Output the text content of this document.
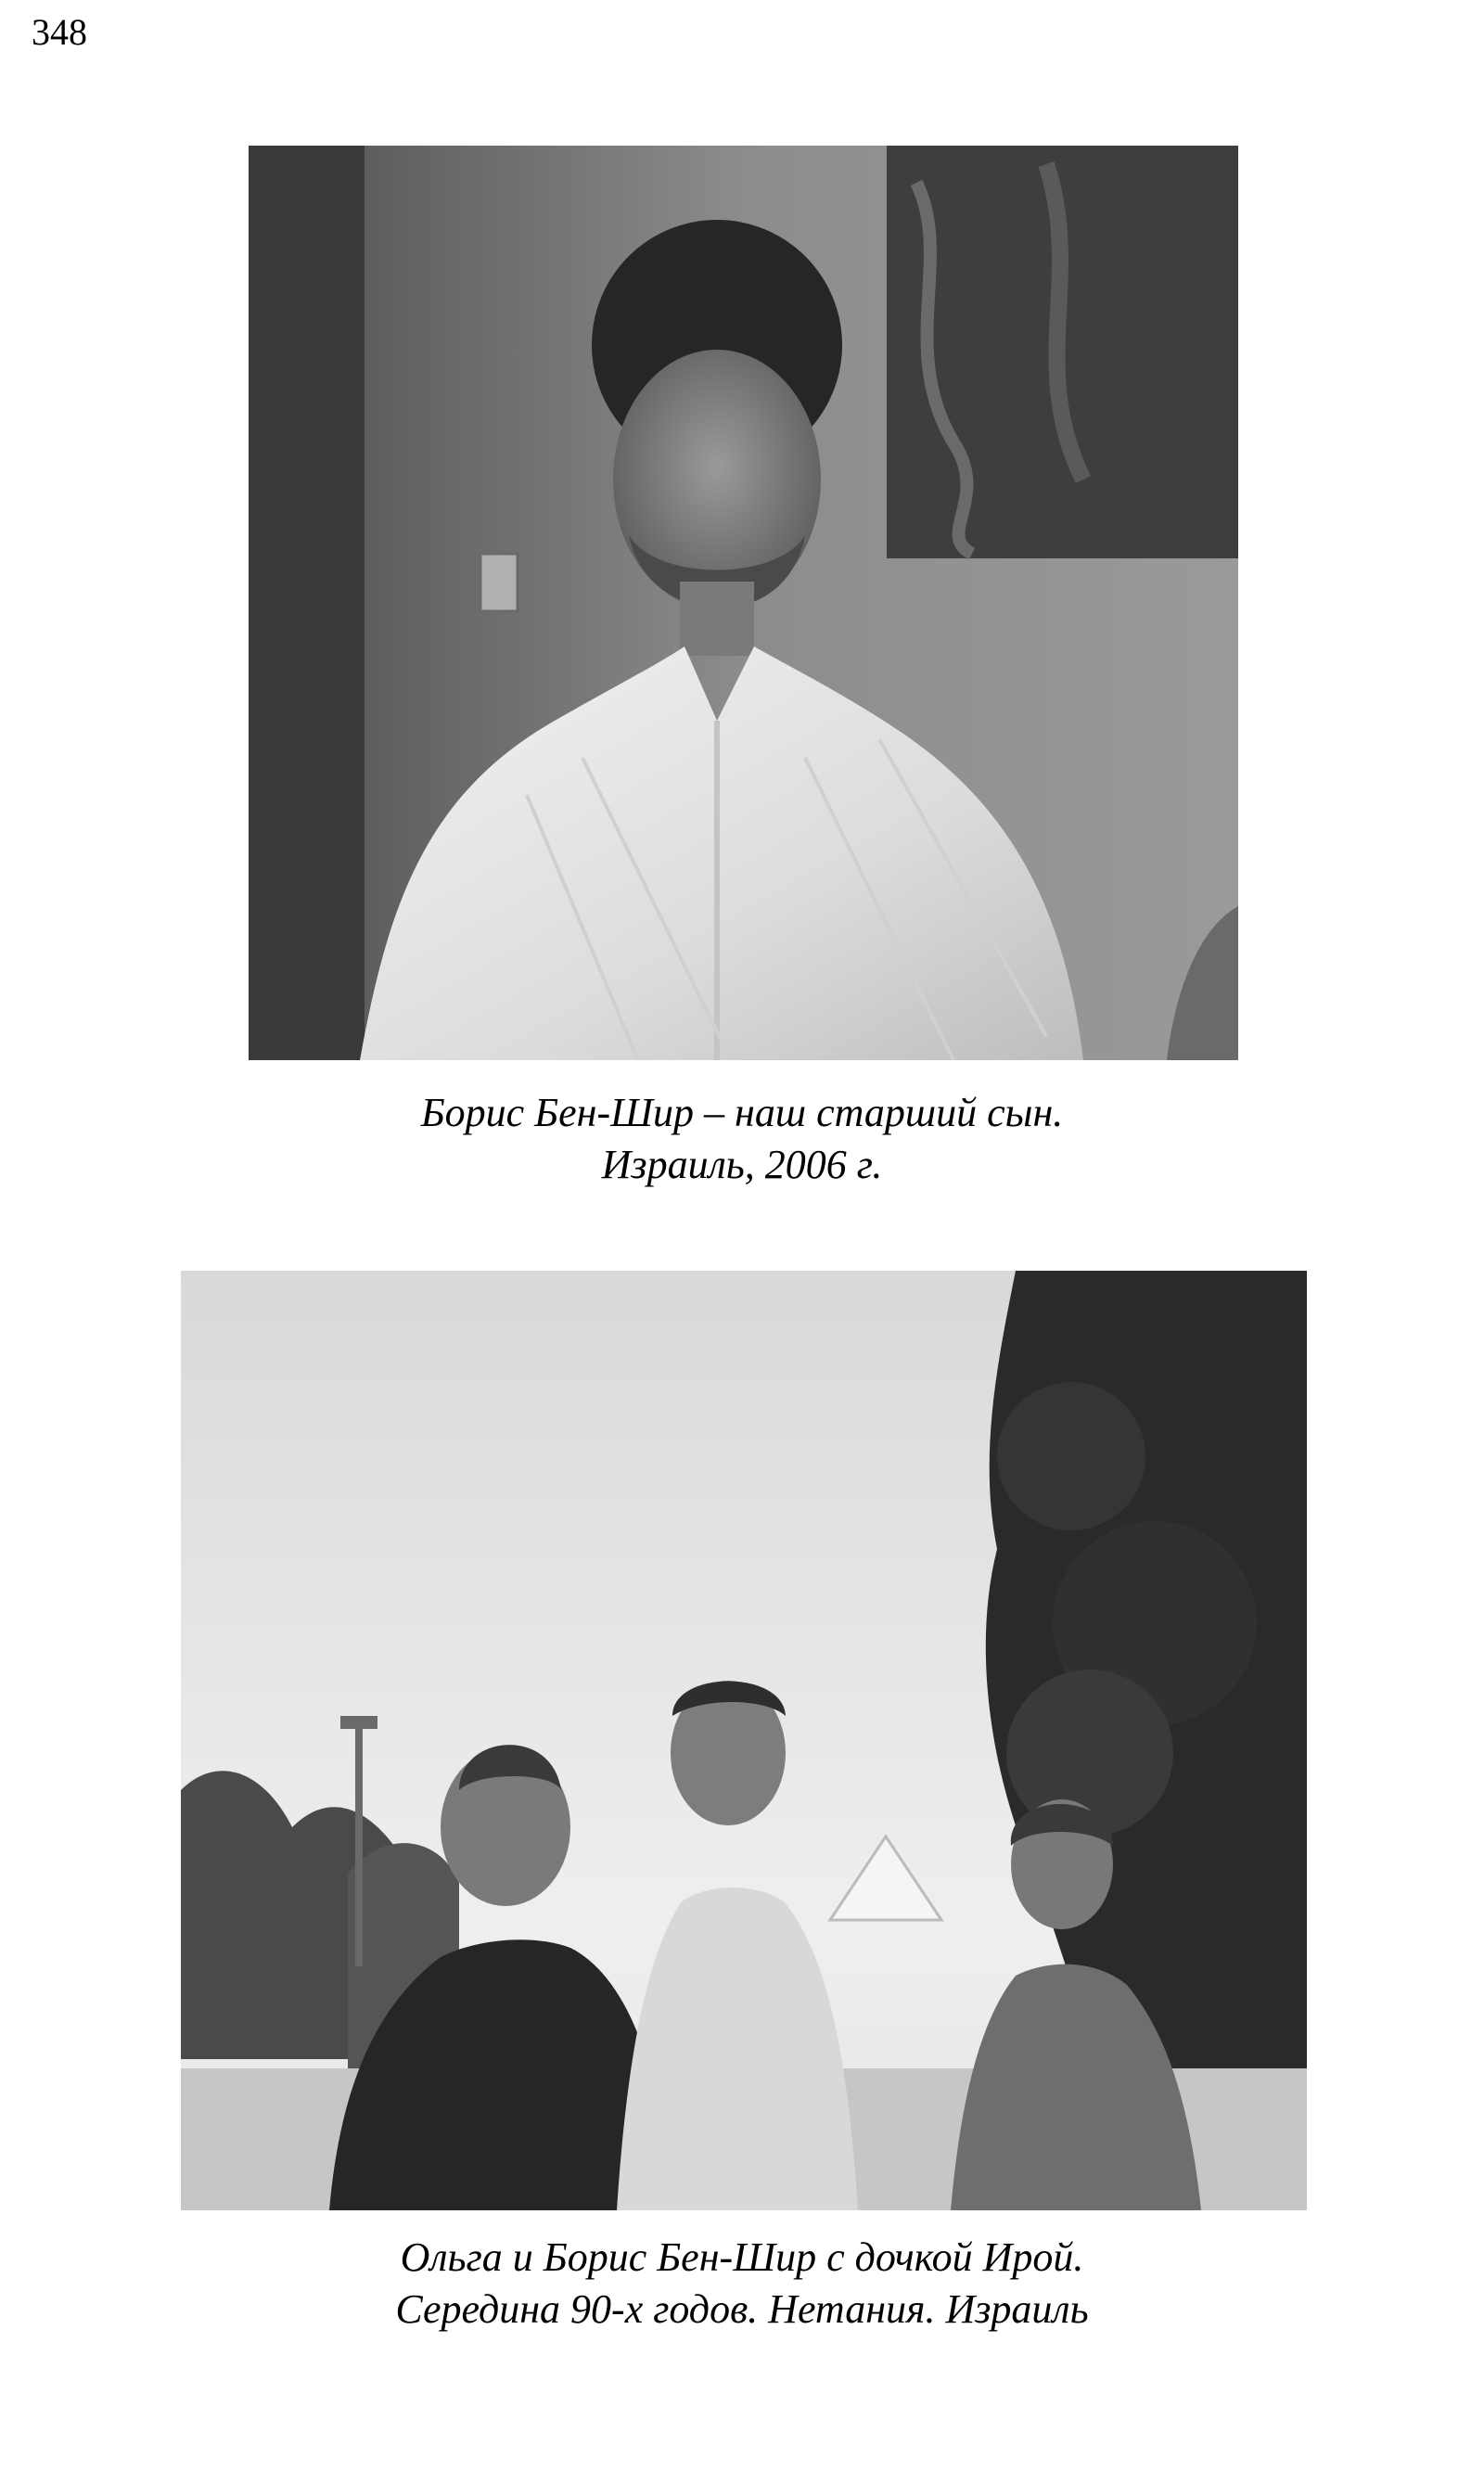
348
Борис Бен-Шир – наш старший сын.
Израиль, 2006 г.
Ольга и Борис Бен-Шир с дочкой Ирой.
Середина 90-х годов. Нетания. Израиль
